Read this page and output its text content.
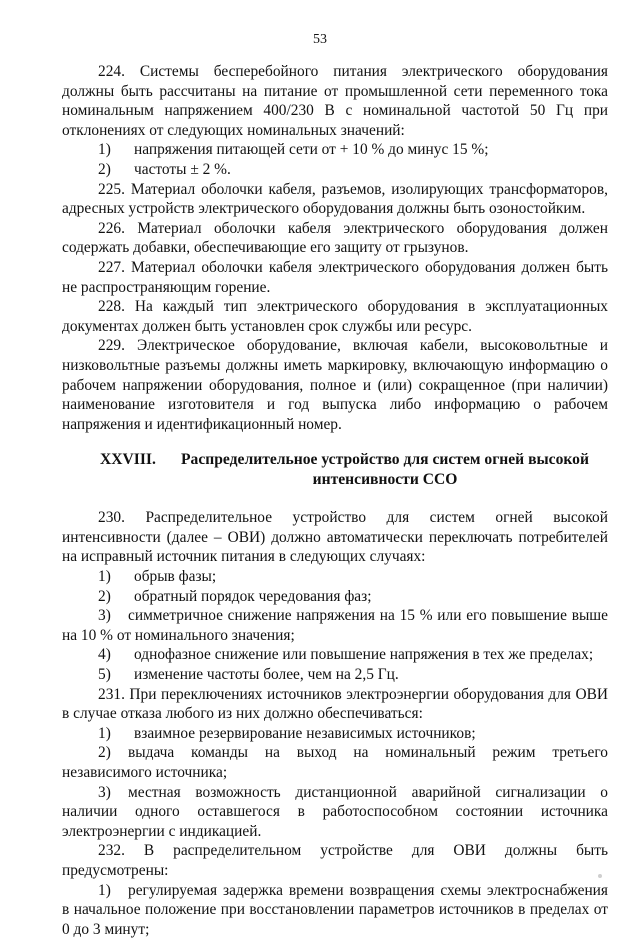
53

224. Системы бесперебойного питания электрического оборудования должны быть рассчитаны на питание от промышленной сети переменного тока номинальным напряжением 400/230 В с номинальной частотой 50 Гц при отклонениях от следующих номинальных значений:

1) напряжения питающей сети от + 10 % до минус 15 %;

2) частоты ± 2 %.

225. Материал оболочки кабеля, разъемов, изолирующих трансформаторов, адресных устройств электрического оборудования должны быть озоностойким.

226. Материал оболочки кабеля электрического оборудования должен содержать добавки, обеспечивающие его защиту от грызунов.

227. Материал оболочки кабеля электрического оборудования должен быть не распространяющим горение.

228. На каждый тип электрического оборудования в эксплуатационных документах должен быть установлен срок службы или ресурс.

229. Электрическое оборудование, включая кабели, высоковольтные и низковольтные разъемы должны иметь маркировку, включающую информацию о рабочем напряжении оборудования, полное и (или) сокращенное (при наличии) наименование изготовителя и год выпуска либо информацию о рабочем напряжения и идентификационный номер.

XXVIII. Распределительное устройство для систем огней высокой интенсивности ССО

230. Распределительное устройство для систем огней высокой интенсивности (далее – ОВИ) должно автоматически переключать потребителей на исправный источник питания в следующих случаях:

1) обрыв фазы;

2) обратный порядок чередования фаз;

3) симметричное снижение напряжения на 15 % или его повышение выше на 10 % от номинального значения;

4) однофазное снижение или повышение напряжения в тех же пределах;

5) изменение частоты более, чем на 2,5 Гц.

231. При переключениях источников электроэнергии оборудования для ОВИ в случае отказа любого из них должно обеспечиваться:

1) взаимное резервирование независимых источников;

2) выдача команды на выход на номинальный режим третьего независимого источника;

3) местная возможность дистанционной аварийной сигнализации о наличии одного оставшегося в работоспособном состоянии источника электроэнергии с индикацией.

232. В распределительном устройстве для ОВИ должны быть предусмотрены:

1) регулируемая задержка времени возвращения схемы электроснабжения в начальное положение при восстановлении параметров источников в пределах от 0 до 3 минут;
